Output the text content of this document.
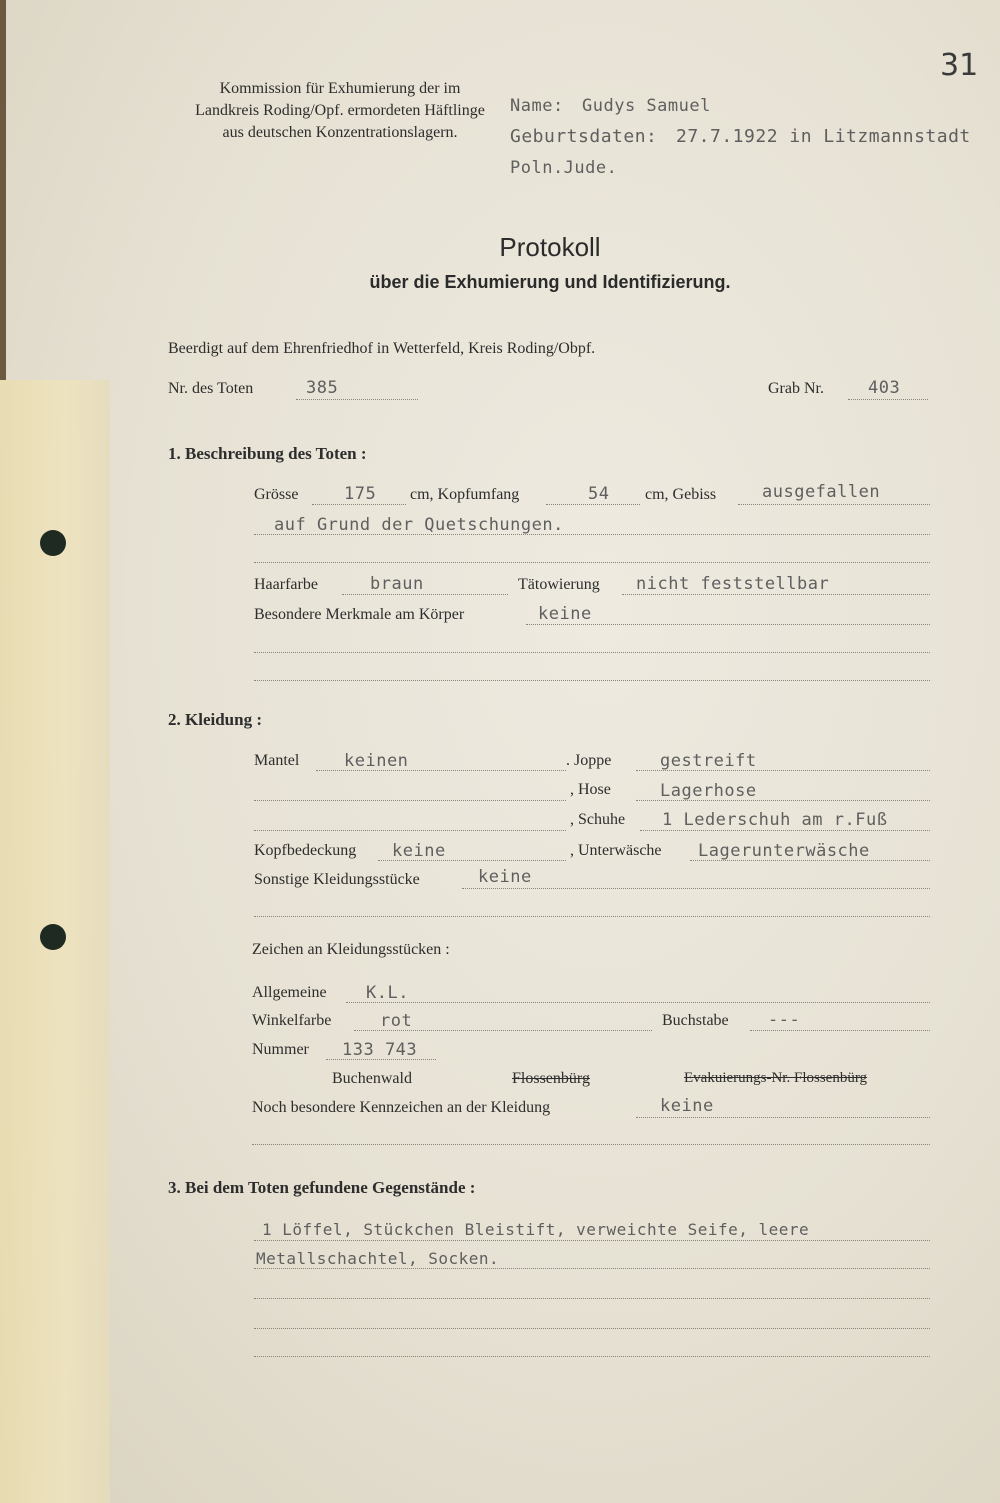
31
Kommission für Exhumierung der im Landkreis Roding/Opf. ermordeten Häftlinge aus deutschen Konzentrationslagern.
Name: Gudys Samuel
Geburtsdaten: 27.7.1922 in Litzmannstadt
Poln.Jude.
Protokoll
über die Exhumierung und Identifizierung.
Beerdigt auf dem Ehrenfriedhof in Wetterfeld, Kreis Roding/Obpf.
Nr. des Toten	385	Grab Nr.	403
1. Beschreibung des Toten :
Grösse	175 cm, Kopfumfang	54 cm, Gebiss	ausgefallen
auf Grund der Quetschungen.
Haarfarbe	braun	Tätowierung nicht feststellbar
Besondere Merkmale am Körper	keine
2. Kleidung :
Mantel	keinen	. Joppe	gestreift
, Hose	Lagerhose
, Schuhe 1 Lederschuh am r.Fuß
Kopfbedeckung keine	, Unterwäsche Lagerunterwäsche
Sonstige Kleidungsstücke	keine
Zeichen an Kleidungsstücken :
Allgemeine K.L.
Winkelfarbe	rot	Buchstabe ---
Nummer 133 743
Buchenwald	Flossenbürg	Evakuierungs-Nr. Flossenbürg
Noch besondere Kennzeichen an der Kleidung	keine
3. Bei dem Toten gefundene Gegenstände :
1 Löffel, Stückchen Bleistift, verweichte Seife, leere
Metallschachtel, Socken.
